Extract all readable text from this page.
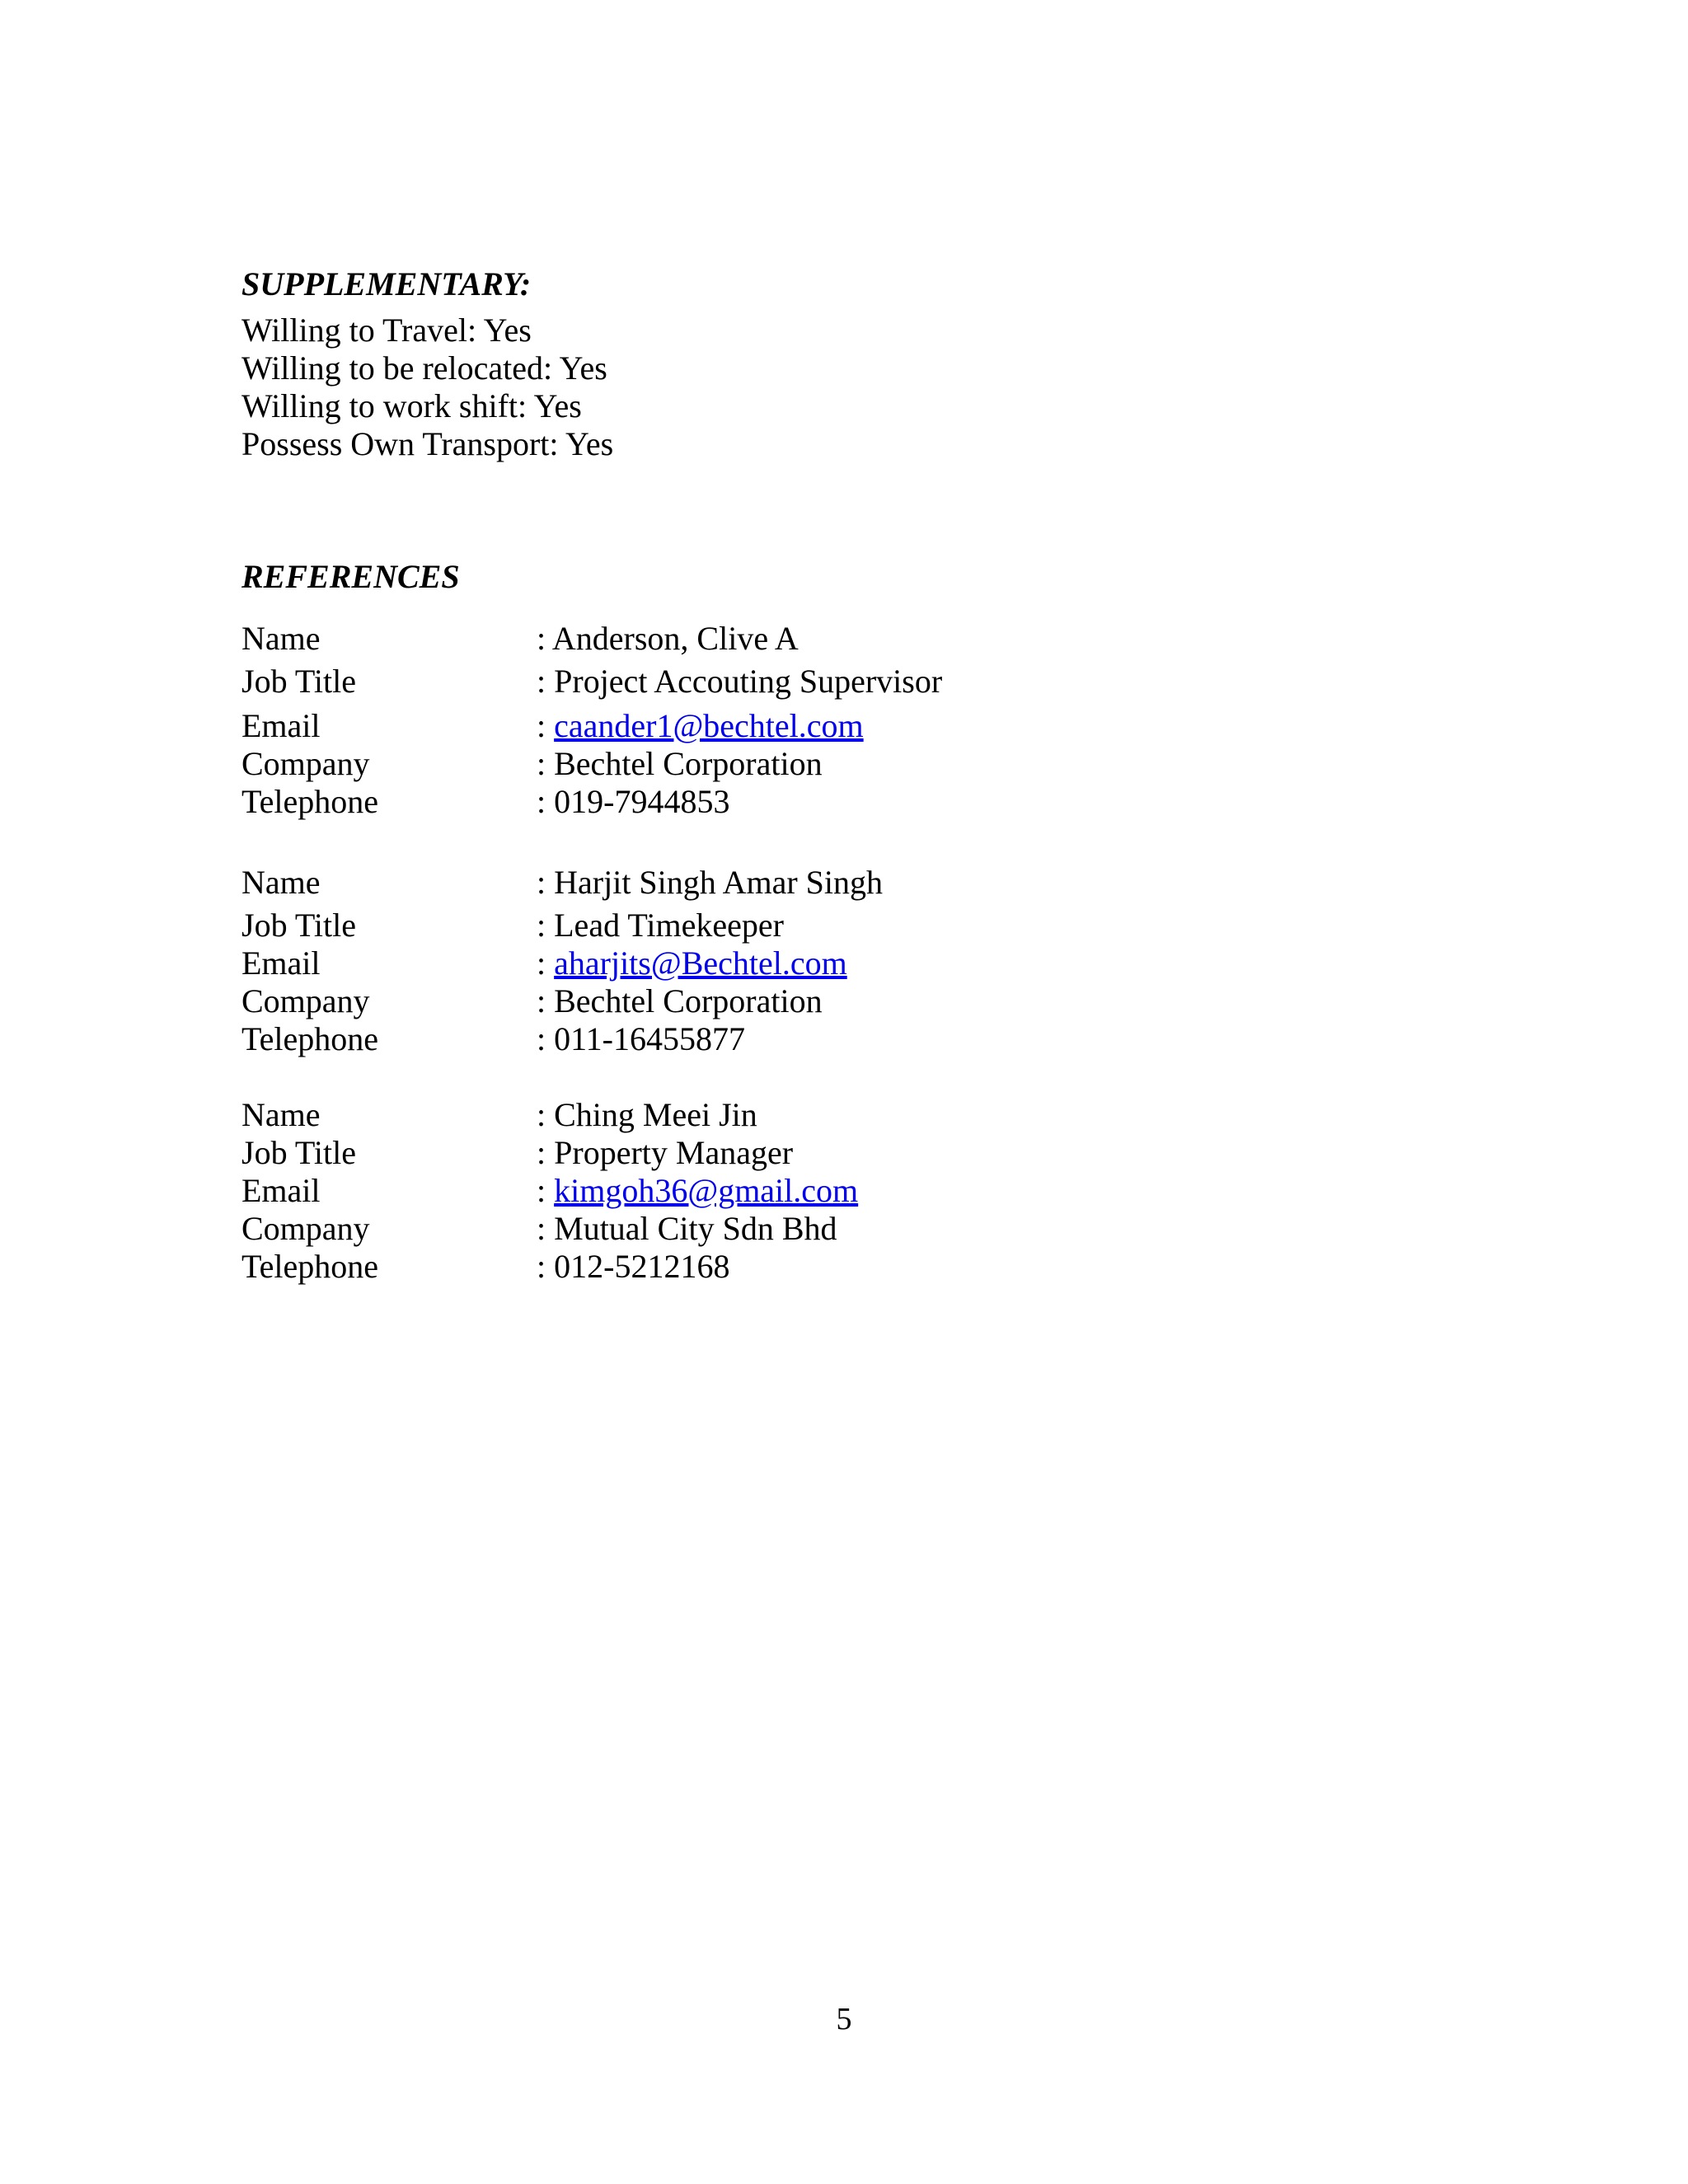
SUPPLEMENTARY:
Willing to Travel: Yes
Willing to be relocated: Yes
Willing to work shift: Yes
Possess Own Transport: Yes
REFERENCES
Name	: Anderson, Clive A
Job Title	: Project Accouting Supervisor
Email	: caander1@bechtel.com
Company	: Bechtel Corporation
Telephone	: 019-7944853
Name	: Harjit Singh Amar Singh
Job Title	: Lead Timekeeper
Email	: aharjits@Bechtel.com
Company	: Bechtel Corporation
Telephone	: 011-16455877
Name	: Ching Meei Jin
Job Title	: Property Manager
Email	: kimgoh36@gmail.com
Company	: Mutual City Sdn Bhd
Telephone	: 012-5212168
5
